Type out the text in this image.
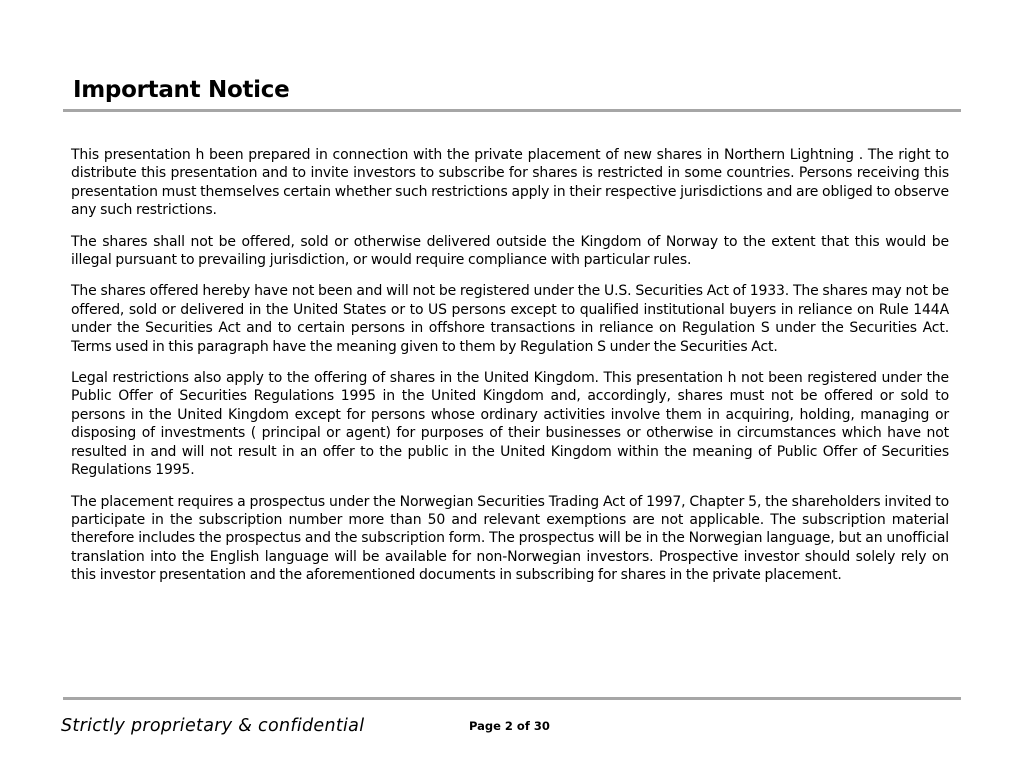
Important Notice

This presentation h been prepared in connection with the private placement of new shares in Northern Lightning . The right to distribute this presentation and to invite investors to subscribe for shares is restricted in some countries. Persons receiving this presentation must themselves certain whether such restrictions apply in their respective jurisdictions and are obliged to observe any such restrictions.

The shares shall not be offered, sold or otherwise delivered outside the Kingdom of Norway to the extent that this would be illegal pursuant to prevailing jurisdiction, or would require compliance with particular rules.

The shares offered hereby have not been and will not be registered under the U.S. Securities Act of 1933. The shares may not be offered, sold or delivered in the United States or to US persons except to qualified institutional buyers in reliance on Rule 144A under the Securities Act and to certain persons in offshore transactions in reliance on Regulation S under the Securities Act. Terms used in this paragraph have the meaning given to them by Regulation S under the Securities Act.

Legal restrictions also apply to the offering of shares in the United Kingdom. This presentation h not been registered under the Public Offer of Securities Regulations 1995 in the United Kingdom and, accordingly, shares must not be offered or sold to persons in the United Kingdom except for persons whose ordinary activities involve them in acquiring, holding, managing or disposing of investments ( principal or agent) for purposes of their businesses or otherwise in circumstances which have not resulted in and will not result in an offer to the public in the United Kingdom within the meaning of Public Offer of Securities Regulations 1995.

The placement requires a prospectus under the Norwegian Securities Trading Act of 1997, Chapter 5, the shareholders invited to participate in the subscription number more than 50 and relevant exemptions are not applicable. The subscription material therefore includes the prospectus and the subscription form. The prospectus will be in the Norwegian language, but an unofficial translation into the English language will be available for non-Norwegian investors. Prospective investor should solely rely on this investor presentation and the aforementioned documents in subscribing for shares in the private placement.

Strictly proprietary & confidential	Page 2 of 30
